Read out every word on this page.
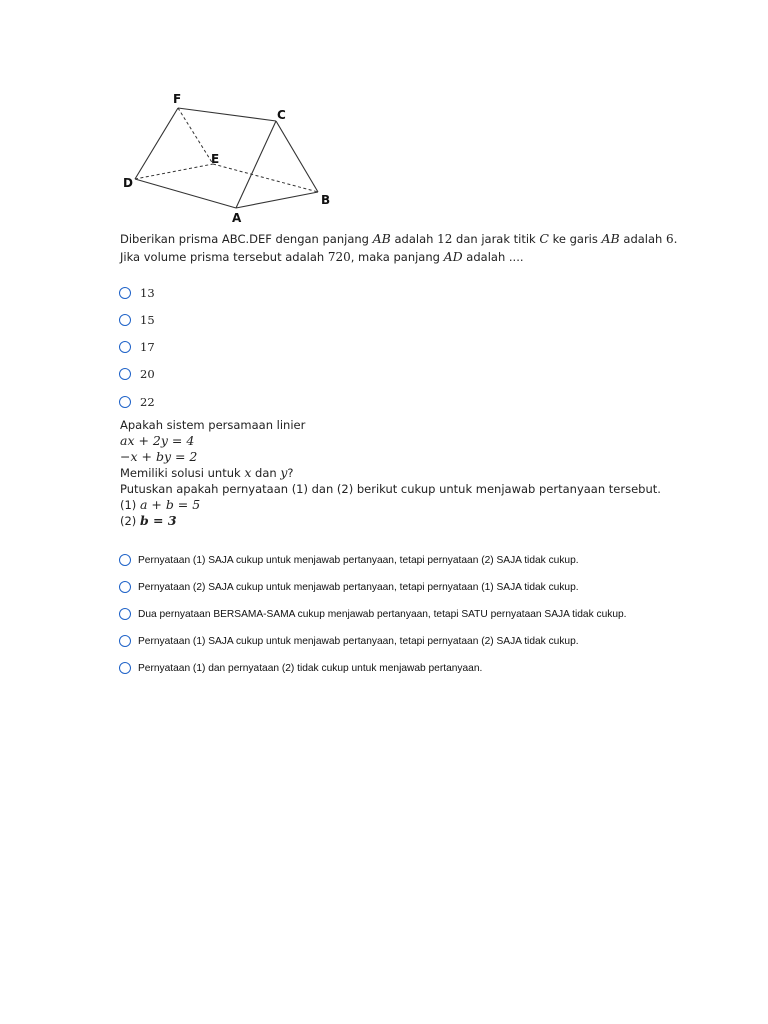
F
C
E
D
B
A
Diberikan prisma ABC.DEF dengan panjang AB adalah 12 dan jarak titik C ke garis AB adalah 6.
Jika volume prisma tersebut adalah 720, maka panjang AD adalah ....
13
15
17
20
22
Apakah sistem persamaan linier
ax + 2y = 4
−x + by = 2
Memiliki solusi untuk x dan y?
Putuskan apakah pernyataan (1) dan (2) berikut cukup untuk menjawab pertanyaan tersebut.
(1) a + b = 5
(2) b = 3
Pernyataan (1) SAJA cukup untuk menjawab pertanyaan, tetapi pernyataan (2) SAJA tidak cukup.
Pernyataan (2) SAJA cukup untuk menjawab pertanyaan, tetapi pernyataan (1) SAJA tidak cukup.
Dua pernyataan BERSAMA-SAMA cukup menjawab pertanyaan, tetapi SATU pernyataan SAJA tidak cukup.
Pernyataan (1) SAJA cukup untuk menjawab pertanyaan, tetapi pernyataan (2) SAJA tidak cukup.
Pernyataan (1) dan pernyataan (2) tidak cukup untuk menjawab pertanyaan.
